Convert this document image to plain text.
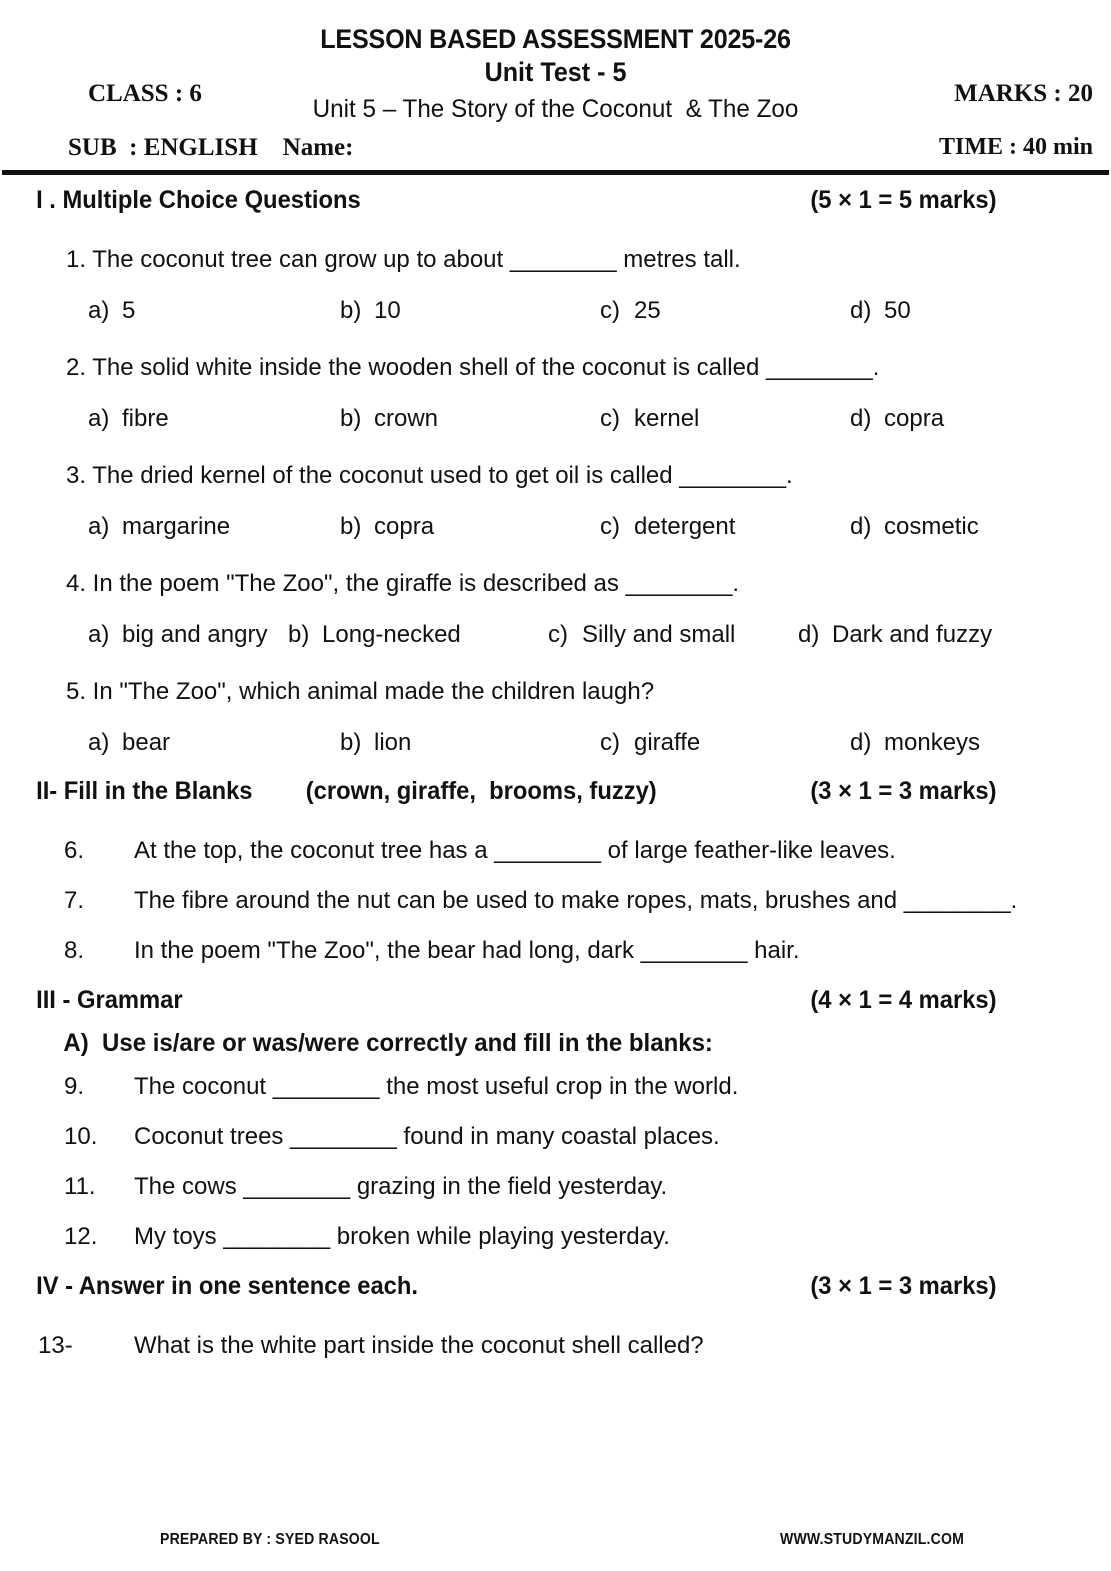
LESSON BASED ASSESSMENT 2025-26
Unit Test - 5
Unit 5 – The Story of the Coconut  & The Zoo
CLASS : 6
SUB  : ENGLISH    Name:
MARKS : 20
TIME : 40 min
I . Multiple Choice Questions	(5 × 1 = 5 marks)
1. The coconut tree can grow up to about ________ metres tall.
a) 5	b) 10	c) 25	d) 50
2. The solid white inside the wooden shell of the coconut is called ________.
a) fibre	b) crown	c) kernel	d) copra
3. The dried kernel of the coconut used to get oil is called ________.
a) margarine	b) copra	c) detergent	d) cosmetic
4. In the poem "The Zoo", the giraffe is described as ________.
a) big and angry b) Long-necked	c) Silly and small	d) Dark and fuzzy
5. In "The Zoo", which animal made the children laugh?
a) bear	b) lion	c) giraffe	d) monkeys
II- Fill in the Blanks (crown, giraffe,  brooms, fuzzy)	(3 × 1 = 3 marks)
6.	At the top, the coconut tree has a ________ of large feather-like leaves.
7.	The fibre around the nut can be used to make ropes, mats, brushes and ________.
8.	In the poem "The Zoo", the bear had long, dark ________ hair.
III - Grammar	(4 × 1 = 4 marks)
A)  Use is/are or was/were correctly and fill in the blanks:
9.	The coconut ________ the most useful crop in the world.
10.	Coconut trees ________ found in many coastal places.
11.	The cows ________ grazing in the field yesterday.
12.	My toys ________ broken while playing yesterday.
IV - Answer in one sentence each.	(3 × 1 = 3 marks)
13-	What is the white part inside the coconut shell called?
PREPARED BY : SYED RASOOL	WWW.STUDYMANZIL.COM
